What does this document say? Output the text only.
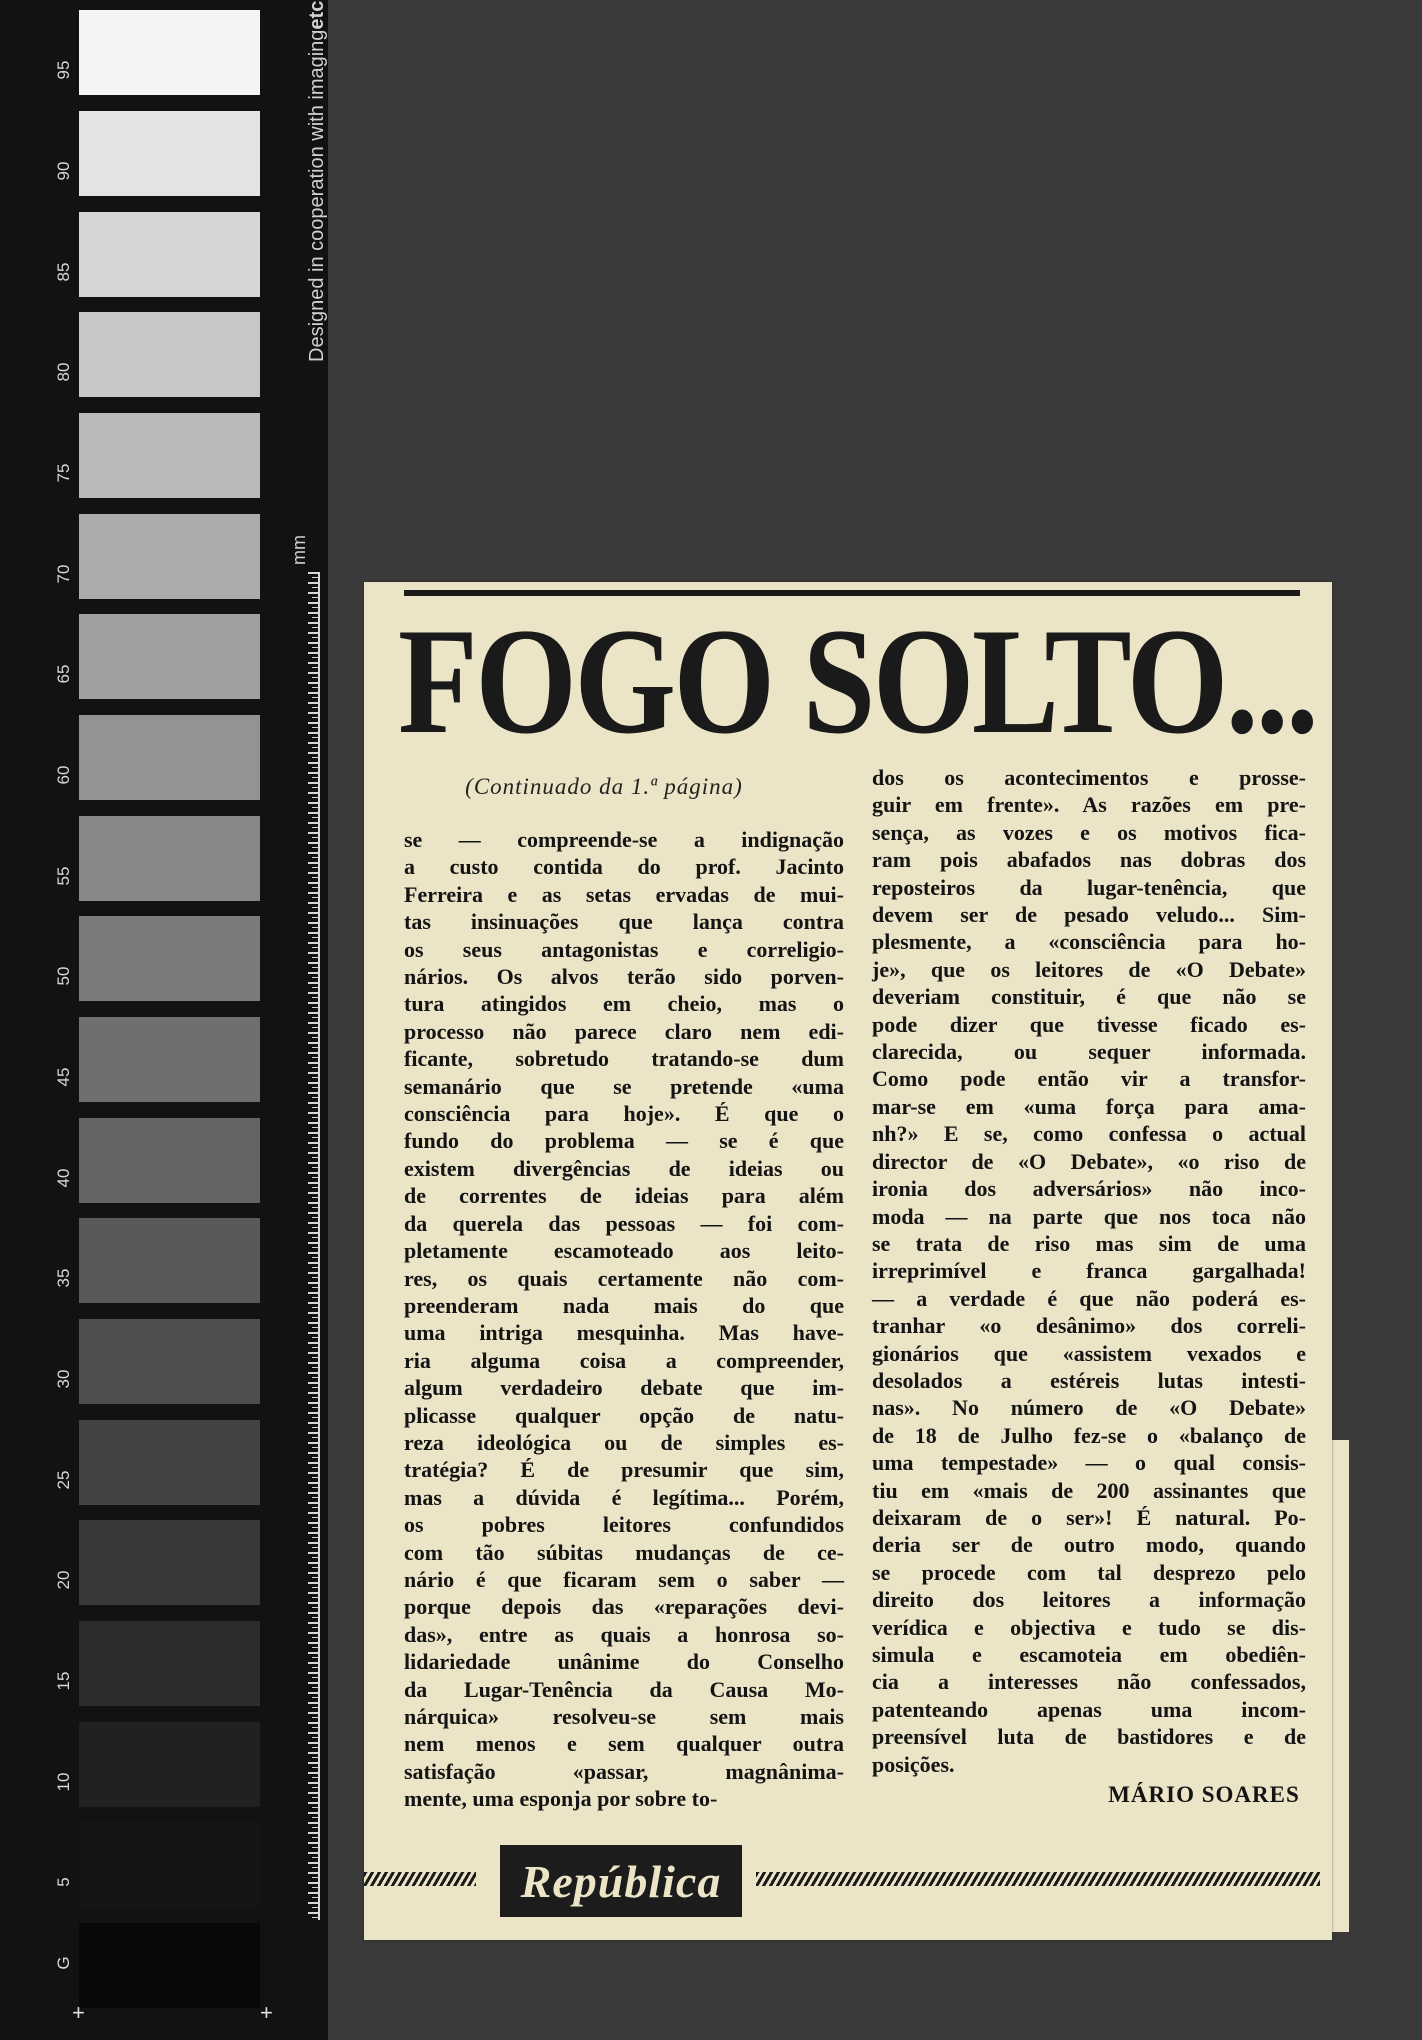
95
90
85
80
75
70
65
60
55
50
45
40
35
30
25
20
15
10
5
G
Designed in cooperation with imagingetc
mm
+	+
FOGO SOLTO...
(Continuado da 1.ª página)
se — compreende-se a indignação
a custo contida do prof. Jacinto
Ferreira e as setas ervadas de mui-
tas insinuações que lança contra
os seus antagonistas e correligio-
nários. Os alvos terão sido porven-
tura atingidos em cheio, mas o
processo não parece claro nem edi-
ficante, sobretudo tratando-se dum
semanário que se pretende «uma
consciência para hoje». É que o
fundo do problema — se é que
existem divergências de ideias ou
de correntes de ideias para além
da querela das pessoas — foi com-
pletamente escamoteado aos leito-
res, os quais certamente não com-
preenderam nada mais do que
uma intriga mesquinha. Mas have-
ria alguma coisa a compreender,
algum verdadeiro debate que im-
plicasse qualquer opção de natu-
reza ideológica ou de simples es-
tratégia? É de presumir que sim,
mas a dúvida é legítima... Porém,
os pobres leitores confundidos
com tão súbitas mudanças de ce-
nário é que ficaram sem o saber —
porque depois das «reparações devi-
das», entre as quais a honrosa so-
lidariedade unânime do Conselho
da Lugar-Tenência da Causa Mo-
nárquica» resolveu-se sem mais
nem menos e sem qualquer outra
satisfação «passar, magnânima-
mente, uma esponja por sobre to-
dos os acontecimentos e prosse-
guir em frente». As razões em pre-
sença, as vozes e os motivos fica-
ram pois abafados nas dobras dos
reposteiros da lugar-tenência, que
devem ser de pesado veludo... Sim-
plesmente, a «consciência para ho-
je», que os leitores de «O Debate»
deveriam constituir, é que não se
pode dizer que tivesse ficado es-
clarecida, ou sequer informada.
Como pode então vir a transfor-
mar-se em «uma força para ama-
nh?» E se, como confessa o actual
director de «O Debate», «o riso de
ironia dos adversários» não inco-
moda — na parte que nos toca não
se trata de riso mas sim de uma
irreprimível e franca gargalhada!
— a verdade é que não poderá es-
tranhar «o desânimo» dos correli-
gionários que «assistem vexados e
desolados a estéreis lutas intesti-
nas». No número de «O Debate»
de 18 de Julho fez-se o «balanço de
uma tempestade» — o qual consis-
tiu em «mais de 200 assinantes que
deixaram de o ser»! É natural. Po-
deria ser de outro modo, quando
se procede com tal desprezo pelo
direito dos leitores a informação
verídica e objectiva e tudo se dis-
simula e escamoteia em obediên-
cia a interesses não confessados,
patenteando apenas uma incom-
preensível luta de bastidores e de
posições.
MÁRIO SOARES
República
